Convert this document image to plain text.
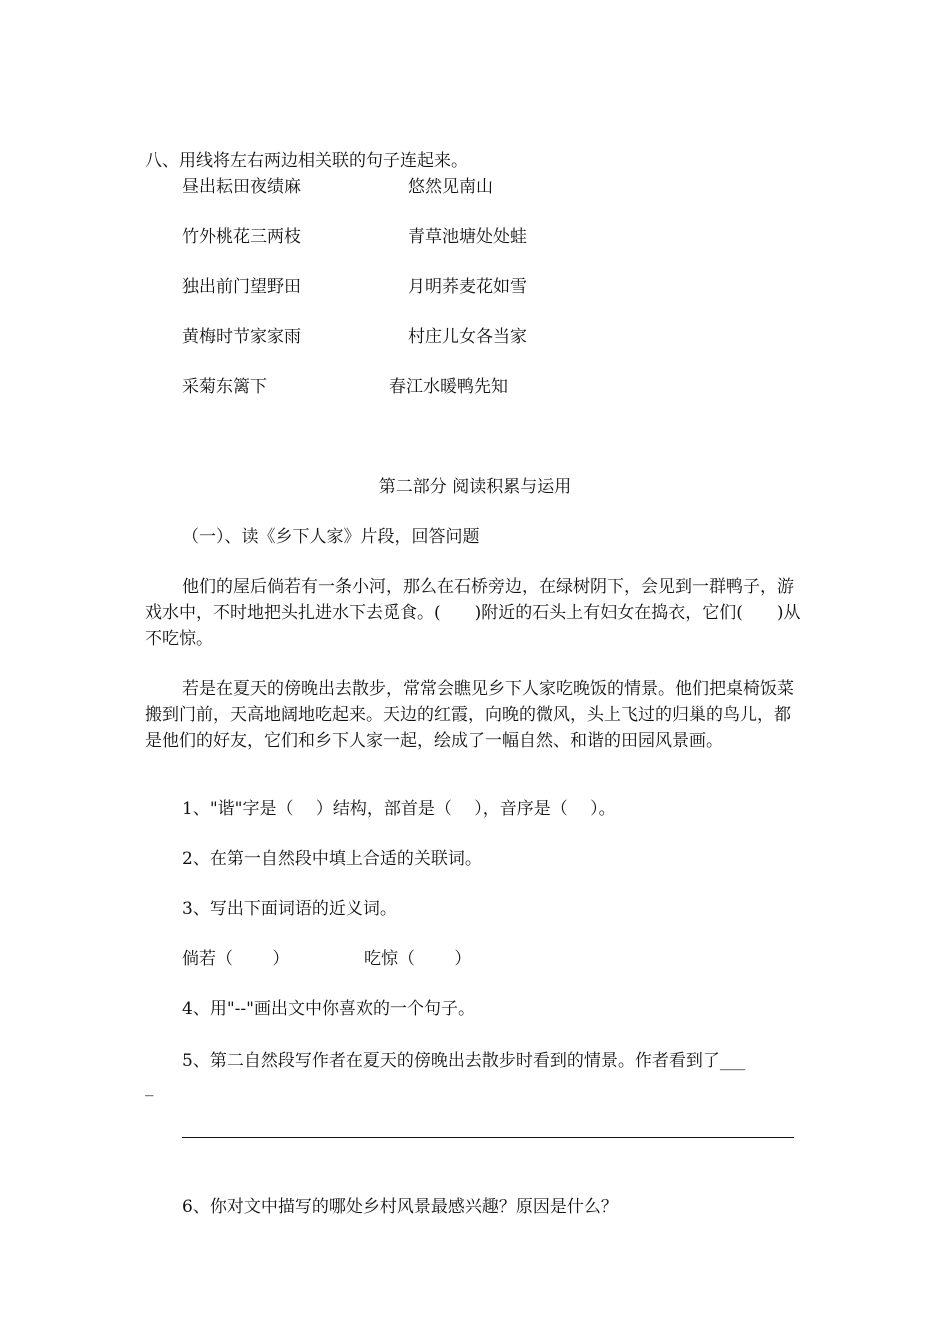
八、用线将左右两边相关联的句子连起来。
昼出耘田夜绩麻	悠然见南山
竹外桃花三两枝	青草池塘处处蛙
独出前门望野田	月明荞麦花如雪
黄梅时节家家雨	村庄儿女各当家
采菊东篱下	春江水暖鸭先知
第二部分 阅读积累与运用
（一）、读《乡下人家》片段，回答问题
他们的屋后倘若有一条小河，那么在石桥旁边，在绿树阴下，会见到一群鸭子，游戏水中，不时地把头扎进水下去觅食。(　　)附近的石头上有妇女在捣衣，它们(　　)从不吃惊。
若是在夏天的傍晚出去散步，常常会瞧见乡下人家吃晚饭的情景。他们把桌椅饭菜搬到门前，天高地阔地吃起来。天边的红霞，向晚的微风，头上飞过的归巢的鸟儿，都是他们的好友，它们和乡下人家一起，绘成了一幅自然、和谐的田园风景画。
1、"谐"字是（　 ）结构，部首是（　 ），音序是（　 ）。
2、在第一自然段中填上合适的关联词。
3、写出下面词语的近义词。
倘若（　　 ）	吃惊（　　 ）
4、用"--"画出文中你喜欢的一个句子。
5、第二自然段写作者在夏天的傍晚出去散步时看到的情景。作者看到了___
_
6、你对文中描写的哪处乡村风景最感兴趣？原因是什么？
